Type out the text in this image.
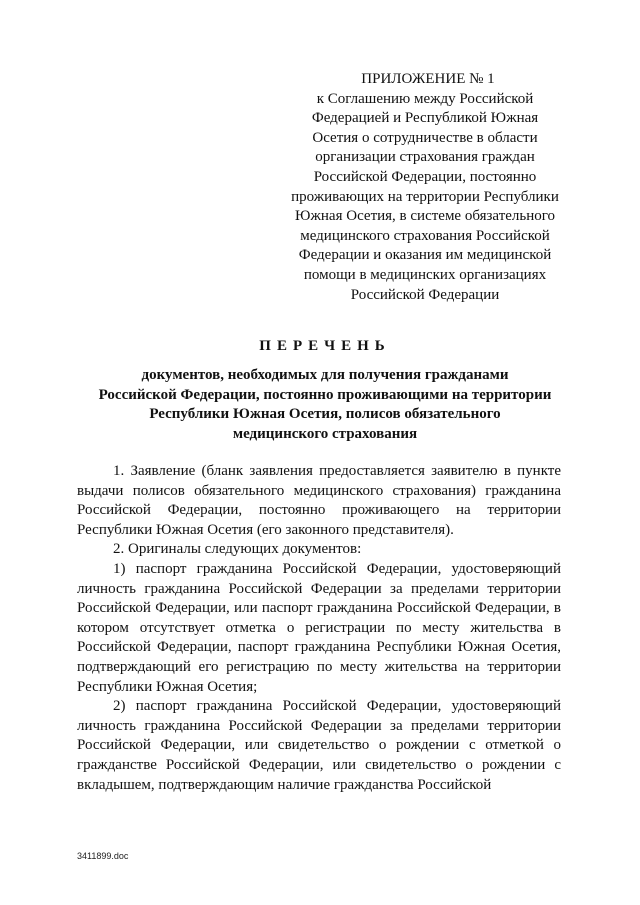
ПРИЛОЖЕНИЕ № 1
к Соглашению между Российской
Федерацией и Республикой Южная
Осетия о сотрудничестве в области
организации страхования граждан
Российской Федерации, постоянно
проживающих на территории Республики
Южная Осетия, в системе обязательного
медицинского страхования Российской
Федерации и оказания им медицинской
помощи в медицинских организациях
Российской Федерации

ПЕРЕЧЕНЬ

документов, необходимых для получения гражданами
Российской Федерации, постоянно проживающими на территории
Республики Южная Осетия, полисов обязательного
медицинского страхования

1. Заявление (бланк заявления предоставляется заявителю в пункте выдачи полисов обязательного медицинского страхования) гражданина Российской Федерации, постоянно проживающего на территории Республики Южная Осетия (его законного представителя).

2. Оригиналы следующих документов:

1) паспорт гражданина Российской Федерации, удостоверяющий личность гражданина Российской Федерации за пределами территории Российской Федерации, или паспорт гражданина Российской Федерации, в котором отсутствует отметка о регистрации по месту жительства в Российской Федерации, паспорт гражданина Республики Южная Осетия, подтверждающий его регистрацию по месту жительства на территории Республики Южная Осетия;

2) паспорт гражданина Российской Федерации, удостоверяющий личность гражданина Российской Федерации за пределами территории Российской Федерации, или свидетельство о рождении с отметкой о гражданстве Российской Федерации, или свидетельство о рождении с вкладышем, подтверждающим наличие гражданства Российской

3411899.doc
